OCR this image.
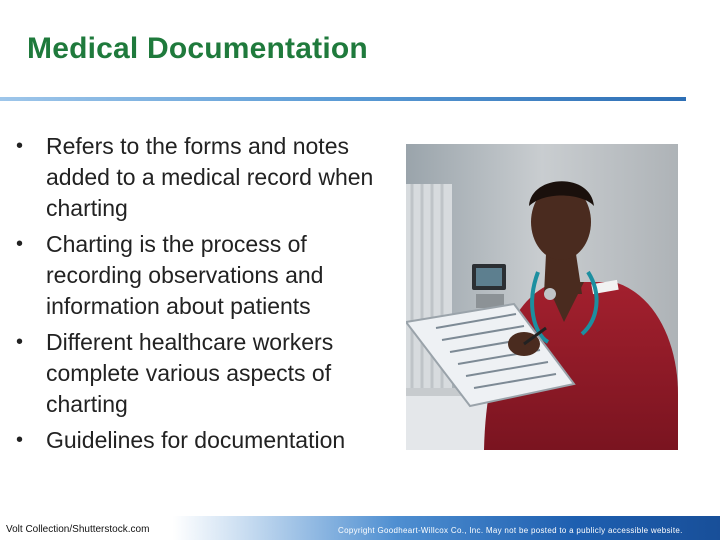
Medical Documentation
• Refers to the forms and notes added to a medical record when charting
• Charting is the process of recording observations and information about patients
• Different healthcare workers complete various aspects of charting
• Guidelines for documentation
Volt Collection/Shutterstock.com	Copyright Goodheart-Willcox Co., Inc. May not be posted to a publicly accessible website.
